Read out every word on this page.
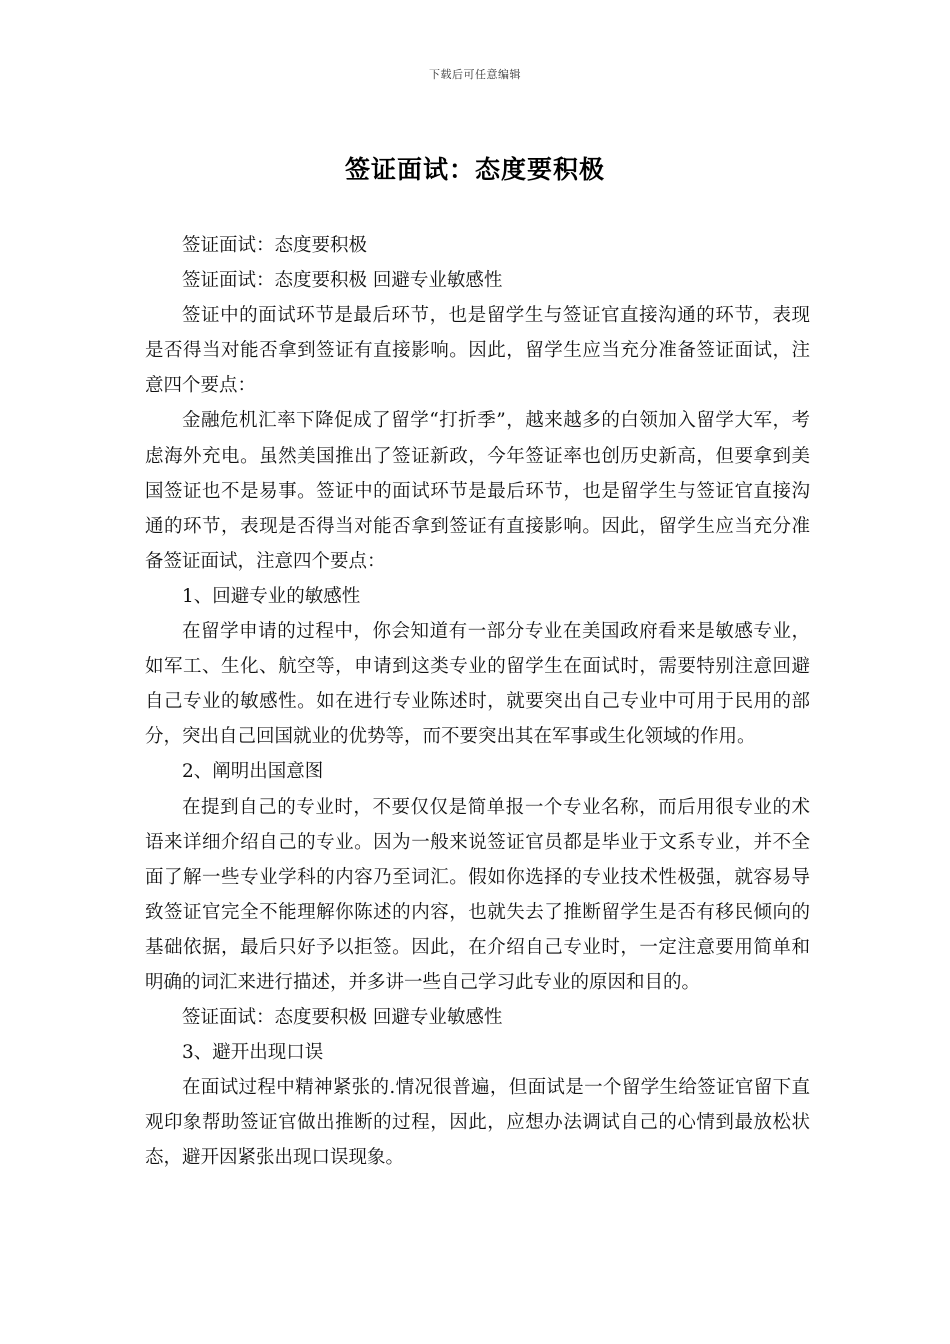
下载后可任意编辑
签证面试：态度要积极

签证面试：态度要积极

签证面试：态度要积极 回避专业敏感性

签证中的面试环节是最后环节，也是留学生与签证官直接沟通的环节，表现是否得当对能否拿到签证有直接影响。因此，留学生应当充分准备签证面试，注意四个要点：

金融危机汇率下降促成了留学“打折季”，越来越多的白领加入留学大军，考虑海外充电。虽然美国推出了签证新政，今年签证率也创历史新高，但要拿到美国签证也不是易事。签证中的面试环节是最后环节，也是留学生与签证官直接沟通的环节，表现是否得当对能否拿到签证有直接影响。因此，留学生应当充分准备签证面试，注意四个要点：

1、回避专业的敏感性

在留学申请的过程中，你会知道有一部分专业在美国政府看来是敏感专业，如军工、生化、航空等，申请到这类专业的留学生在面试时，需要特别注意回避自己专业的敏感性。如在进行专业陈述时，就要突出自己专业中可用于民用的部分，突出自己回国就业的优势等，而不要突出其在军事或生化领域的作用。

2、阐明出国意图

在提到自己的专业时，不要仅仅是简单报一个专业名称，而后用很专业的术语来详细介绍自己的专业。因为一般来说签证官员都是毕业于文系专业，并不全面了解一些专业学科的内容乃至词汇。假如你选择的专业技术性极强，就容易导致签证官完全不能理解你陈述的内容，也就失去了推断留学生是否有移民倾向的基础依据，最后只好予以拒签。因此，在介绍自己专业时，一定注意要用简单和明确的词汇来进行描述，并多讲一些自己学习此专业的原因和目的。

签证面试：态度要积极 回避专业敏感性

3、避开出现口误

在面试过程中精神紧张的.情况很普遍，但面试是一个留学生给签证官留下直观印象帮助签证官做出推断的过程，因此，应想办法调试自己的心情到最放松状态，避开因紧张出现口误现象。
